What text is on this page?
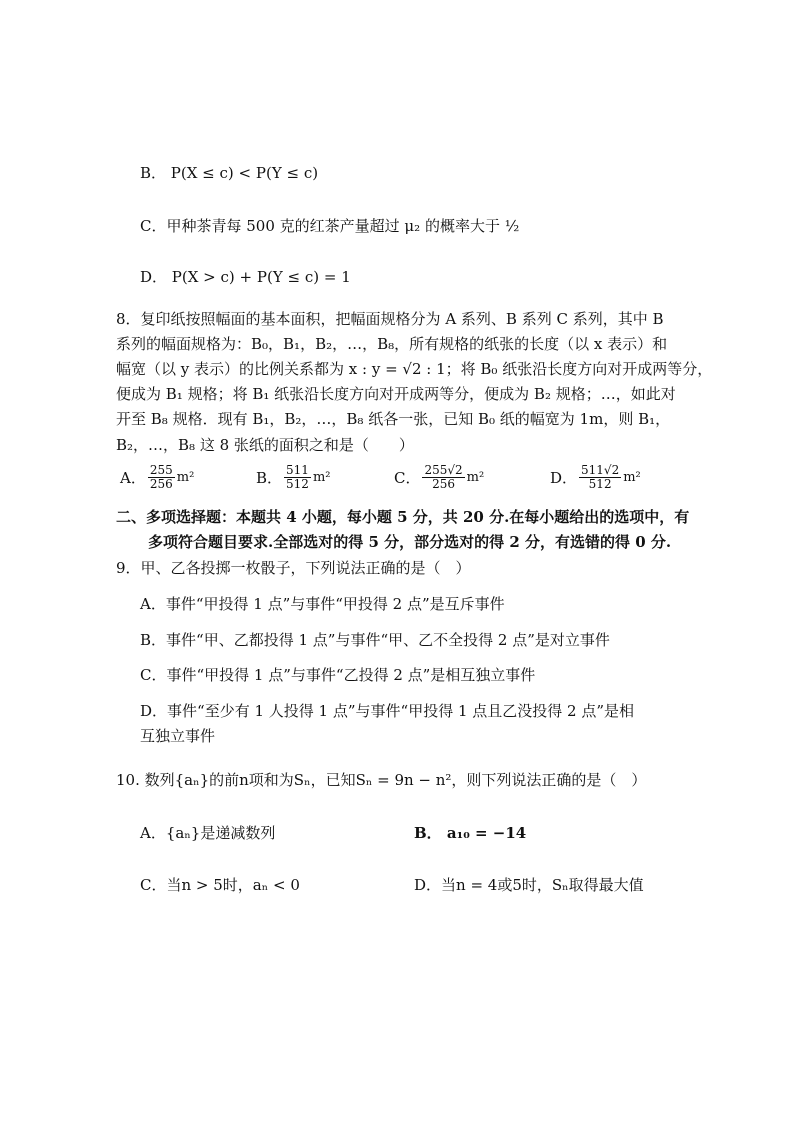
B． P(X ≤ c) < P(Y ≤ c)
C．甲种茶青每 500 克的红茶产量超过 μ₂ 的概率大于 ½
D． P(X > c) + P(Y ≤ c) = 1
8．复印纸按照幅面的基本面积，把幅面规格分为 A 系列、B 系列 C 系列，其中 B
系列的幅面规格为：B₀，B₁，B₂，…，B₈，所有规格的纸张的长度（以 x 表示）和
幅宽（以 y 表示）的比例关系都为 x : y = √2 : 1；将 B₀ 纸张沿长度方向对开成两等分，
便成为 B₁ 规格；将 B₁ 纸张沿长度方向对开成两等分，便成为 B₂ 规格；…，如此对
开至 B₈ 规格．现有 B₁，B₂，…，B₈ 纸各一张，已知 B₀ 纸的幅宽为 1m，则 B₁，
B₂，…，B₈ 这 8 张纸的面积之和是（　　）
A． $\frac{255}{256} m^2$	B． $\frac{511}{512} m^2$	C． $\frac{255√2}{256} m^2$	D． $\frac{511√2}{512} m^2$
二、多项选择题：本题共 4 小题，每小题 5 分，共 20 分.在每小题给出的选项中，有
多项符合题目要求.全部选对的得 5 分，部分选对的得 2 分，有选错的得 0 分.
9．甲、乙各投掷一枚骰子，下列说法正确的是（　）
A．事件“甲投得 1 点”与事件“甲投得 2 点”是互斥事件
B．事件“甲、乙都投得 1 点”与事件“甲、乙不全投得 2 点”是对立事件
C．事件“甲投得 1 点”与事件“乙投得 2 点”是相互独立事件
D．事件“至少有 1 人投得 1 点”与事件“甲投得 1 点且乙没投得 2 点”是相
互独立事件
10. 数列{aₙ}的前n项和为Sₙ，已知Sₙ = 9n − n²，则下列说法正确的是（　）
A．{aₙ}是递减数列	B． a₁₀ = −14
C．当n > 5时，aₙ < 0	D．当n = 4或5时，Sₙ取得最大值
